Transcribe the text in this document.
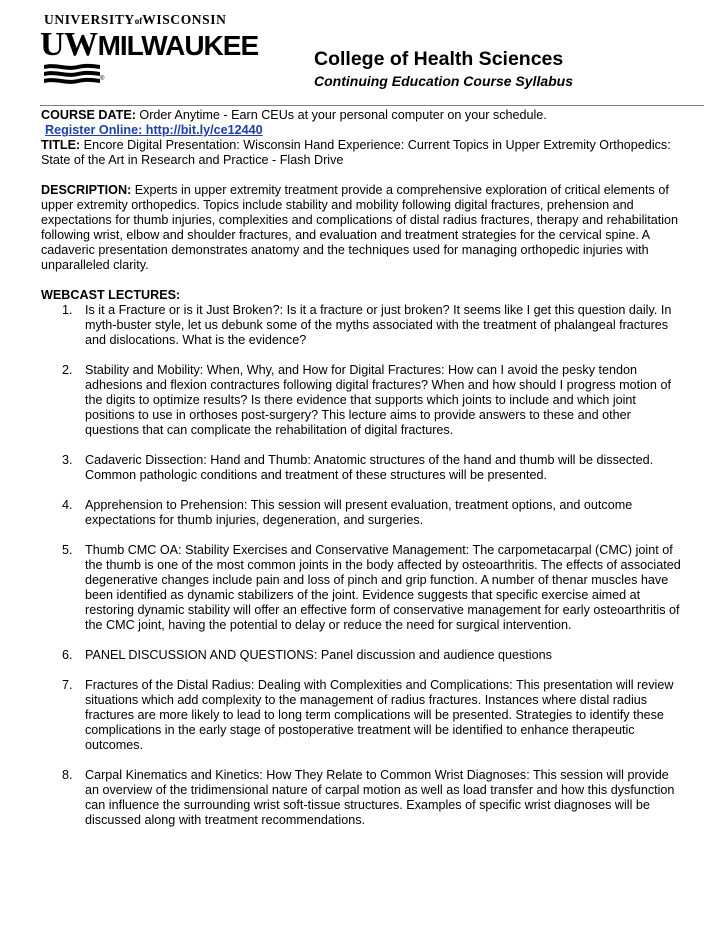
UNIVERSITYofWISCONSIN
UWMILWAUKEE
®
College of Health Sciences
Continuing Education Course Syllabus

COURSE DATE: Order Anytime - Earn CEUs at your personal computer on your schedule.

Register Online: http://bit.ly/ce12440

TITLE: Encore Digital Presentation: Wisconsin Hand Experience: Current Topics in Upper Extremity Orthopedics: State of the Art in Research and Practice - Flash Drive

DESCRIPTION: Experts in upper extremity treatment provide a comprehensive exploration of critical elements of upper extremity orthopedics. Topics include stability and mobility following digital fractures, prehension and expectations for thumb injuries, complexities and complications of distal radius fractures, therapy and rehabilitation following wrist, elbow and shoulder fractures, and evaluation and treatment strategies for the cervical spine. A cadaveric presentation demonstrates anatomy and the techniques used for managing orthopedic injuries with unparalleled clarity.

WEBCAST LECTURES:

1. Is it a Fracture or is it Just Broken?: Is it a fracture or just broken? It seems like I get this question daily. In myth-buster style, let us debunk some of the myths associated with the treatment of phalangeal fractures and dislocations. What is the evidence?
2. Stability and Mobility: When, Why, and How for Digital Fractures: How can I avoid the pesky tendon adhesions and flexion contractures following digital fractures? When and how should I progress motion of the digits to optimize results? Is there evidence that supports which joints to include and which joint positions to use in orthoses post-surgery? This lecture aims to provide answers to these and other questions that can complicate the rehabilitation of digital fractures.
3. Cadaveric Dissection: Hand and Thumb: Anatomic structures of the hand and thumb will be dissected. Common pathologic conditions and treatment of these structures will be presented.
4. Apprehension to Prehension: This session will present evaluation, treatment options, and outcome expectations for thumb injuries, degeneration, and surgeries.
5. Thumb CMC OA: Stability Exercises and Conservative Management: The carpometacarpal (CMC) joint of the thumb is one of the most common joints in the body affected by osteoarthritis. The effects of associated degenerative changes include pain and loss of pinch and grip function. A number of thenar muscles have been identified as dynamic stabilizers of the joint. Evidence suggests that specific exercise aimed at restoring dynamic stability will offer an effective form of conservative management for early osteoarthritis of the CMC joint, having the potential to delay or reduce the need for surgical intervention.
6. PANEL DISCUSSION AND QUESTIONS: Panel discussion and audience questions
7. Fractures of the Distal Radius: Dealing with Complexities and Complications: This presentation will review situations which add complexity to the management of radius fractures. Instances where distal radius fractures are more likely to lead to long term complications will be presented. Strategies to identify these complications in the early stage of postoperative treatment will be identified to enhance therapeutic outcomes.
8. Carpal Kinematics and Kinetics: How They Relate to Common Wrist Diagnoses: This session will provide an overview of the tridimensional nature of carpal motion as well as load transfer and how this dysfunction can influence the surrounding wrist soft-tissue structures. Examples of specific wrist diagnoses will be discussed along with treatment recommendations.
